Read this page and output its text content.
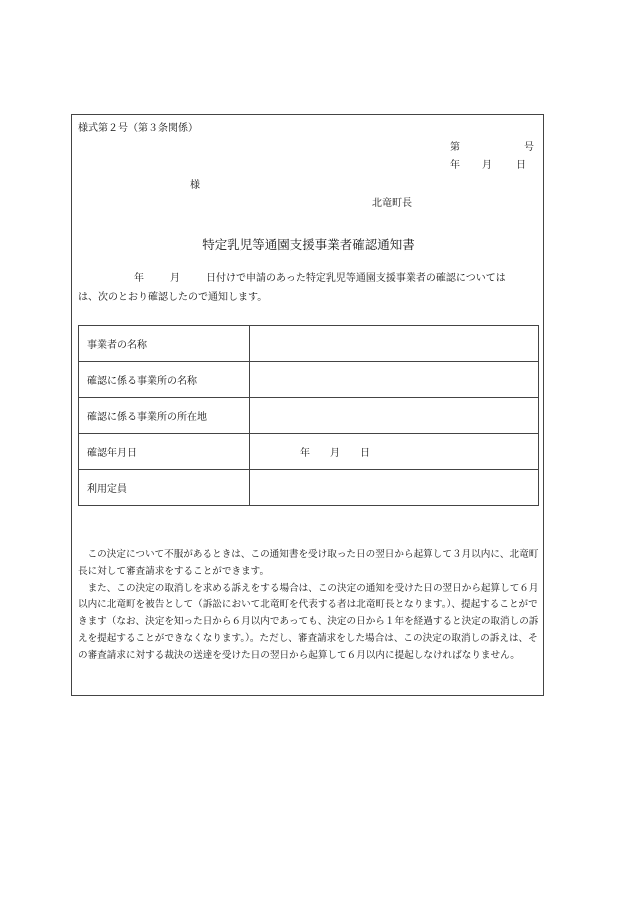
様式第２号（第３条関係）
第	号
年 月 日
様
北竜町長
特定乳児等通園支援事業者確認通知書
年	月	日付けで申請のあった特定乳児等通園支援事業者の確認については
は、次のとおり確認したので通知します。
事業者の名称	
確認に係る事業所の名称	
確認に係る事業所の所在地	
確認年月日	年　　月　　日
利用定員	

この決定について不服があるときは、この通知書を受け取った日の翌日から起算して３月以内に、北竜町長に対して審査請求をすることができます。

また、この決定の取消しを求める訴えをする場合は、この決定の通知を受けた日の翌日から起算して６月以内に北竜町を被告として（訴訟において北竜町を代表する者は北竜町長となります。）、提起することができます（なお、決定を知った日から６月以内であっても、決定の日から１年を経過すると決定の取消しの訴えを提起することができなくなります。）。ただし、審査請求をした場合は、この決定の取消しの訴えは、その審査請求に対する裁決の送達を受けた日の翌日から起算して６月以内に提起しなければなりません。
